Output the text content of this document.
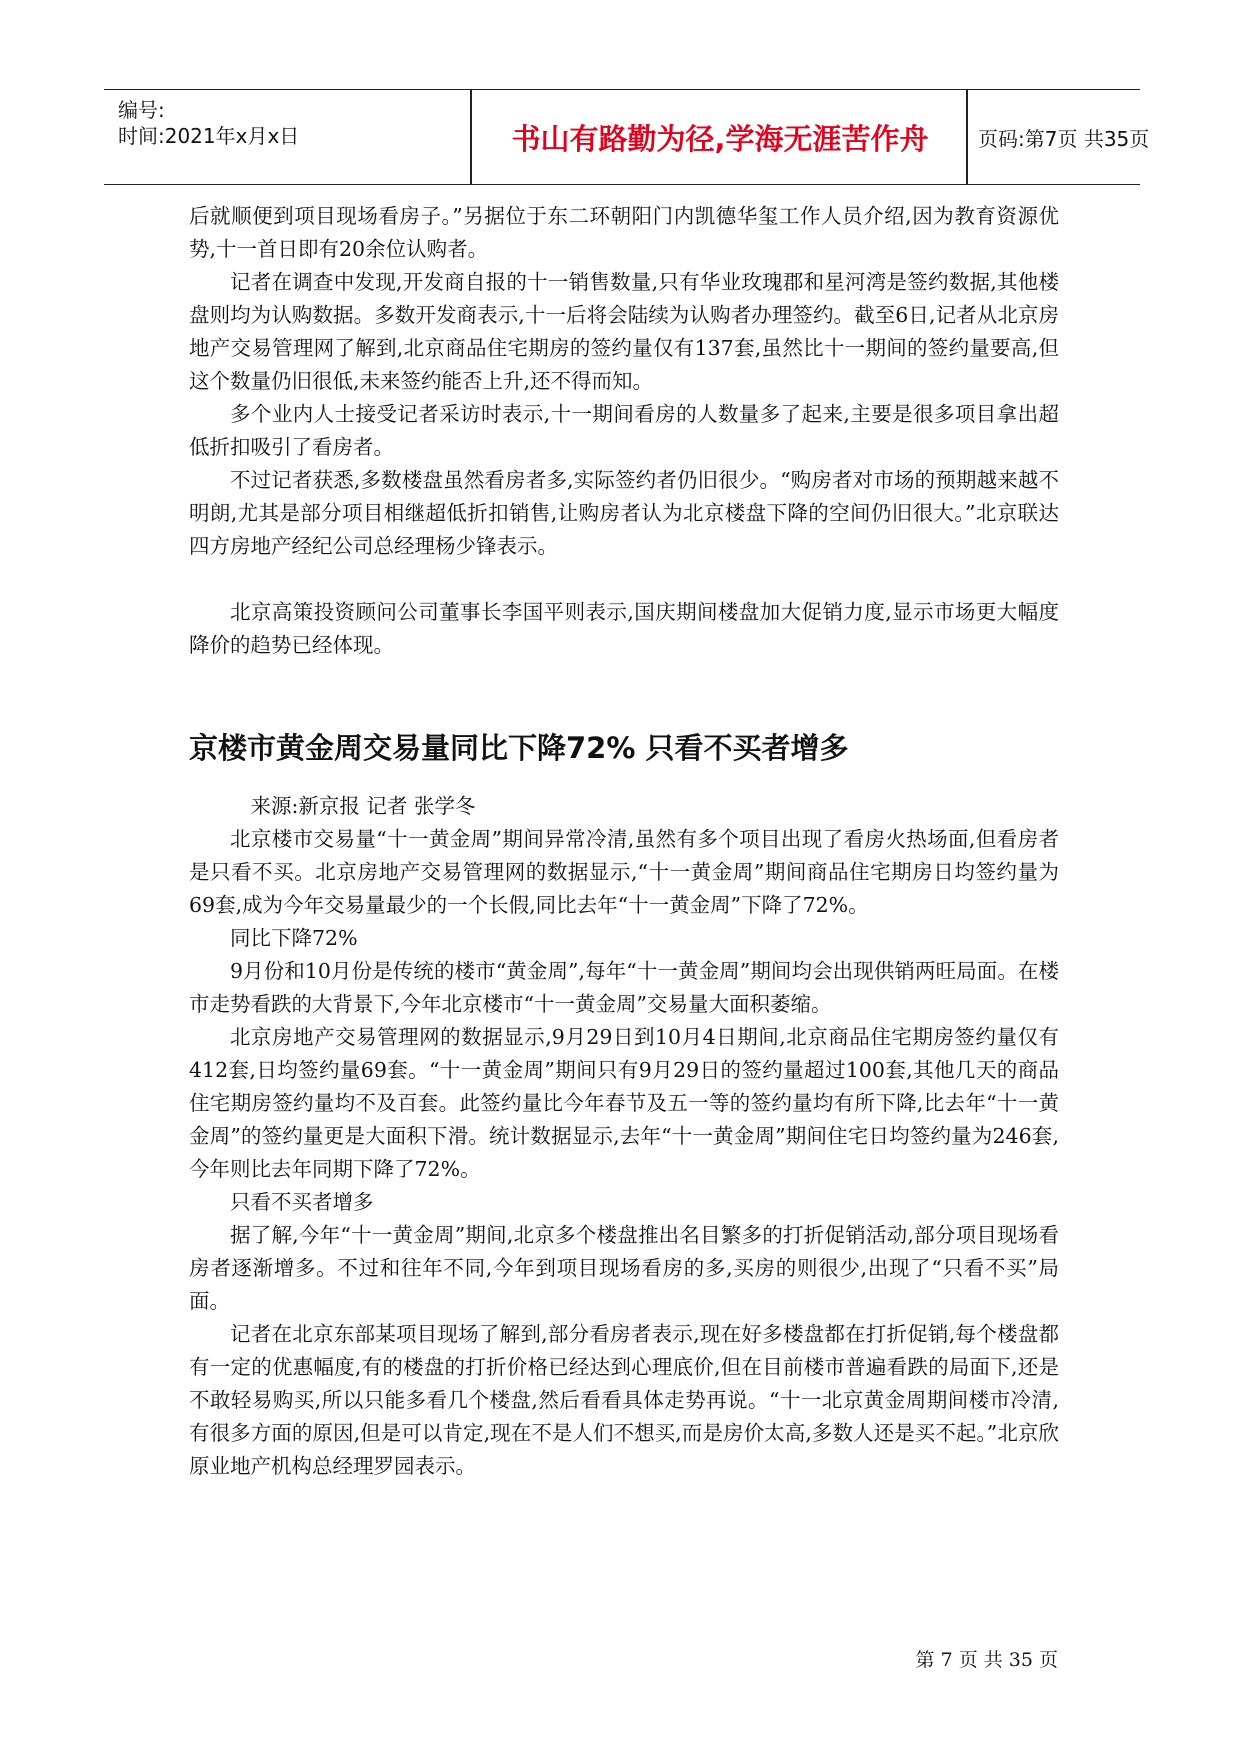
编号:
时间:2021年x月x日	书山有路勤为径,学海无涯苦作舟 页码:第7页 共35页

后就顺便到项目现场看房子。”另据位于东二环朝阳门内凯德华玺工作人员介绍,因为教育资源优势,十一首日即有20余位认购者。

记者在调查中发现,开发商自报的十一销售数量,只有华业玫瑰郡和星河湾是签约数据,其他楼盘则均为认购数据。多数开发商表示,十一后将会陆续为认购者办理签约。截至6日,记者从北京房地产交易管理网了解到,北京商品住宅期房的签约量仅有137套,虽然比十一期间的签约量要高,但这个数量仍旧很低,未来签约能否上升,还不得而知。

多个业内人士接受记者采访时表示,十一期间看房的人数量多了起来,主要是很多项目拿出超低折扣吸引了看房者。

不过记者获悉,多数楼盘虽然看房者多,实际签约者仍旧很少。“购房者对市场的预期越来越不明朗,尤其是部分项目相继超低折扣销售,让购房者认为北京楼盘下降的空间仍旧很大。”北京联达四方房地产经纪公司总经理杨少锋表示。

北京高策投资顾问公司董事长李国平则表示,国庆期间楼盘加大促销力度,显示市场更大幅度降价的趋势已经体现。

京楼市黄金周交易量同比下降72% 只看不买者增多

来源:新京报 记者 张学冬

北京楼市交易量“十一黄金周”期间异常冷清,虽然有多个项目出现了看房火热场面,但看房者是只看不买。北京房地产交易管理网的数据显示,“十一黄金周”期间商品住宅期房日均签约量为69套,成为今年交易量最少的一个长假,同比去年“十一黄金周”下降了72%。

同比下降72%

9月份和10月份是传统的楼市“黄金周”,每年“十一黄金周”期间均会出现供销两旺局面。在楼市走势看跌的大背景下,今年北京楼市“十一黄金周”交易量大面积萎缩。

北京房地产交易管理网的数据显示,9月29日到10月4日期间,北京商品住宅期房签约量仅有412套,日均签约量69套。“十一黄金周”期间只有9月29日的签约量超过100套,其他几天的商品住宅期房签约量均不及百套。此签约量比今年春节及五一等的签约量均有所下降,比去年“十一黄金周”的签约量更是大面积下滑。统计数据显示,去年“十一黄金周”期间住宅日均签约量为246套,今年则比去年同期下降了72%。

只看不买者增多

据了解,今年“十一黄金周”期间,北京多个楼盘推出名目繁多的打折促销活动,部分项目现场看房者逐渐增多。不过和往年不同,今年到项目现场看房的多,买房的则很少,出现了“只看不买”局面。

记者在北京东部某项目现场了解到,部分看房者表示,现在好多楼盘都在打折促销,每个楼盘都有一定的优惠幅度,有的楼盘的打折价格已经达到心理底价,但在目前楼市普遍看跌的局面下,还是不敢轻易购买,所以只能多看几个楼盘,然后看看具体走势再说。“十一北京黄金周期间楼市冷清,有很多方面的原因,但是可以肯定,现在不是人们不想买,而是房价太高,多数人还是买不起。”北京欣原业地产机构总经理罗园表示。

第 7 页 共 35 页
